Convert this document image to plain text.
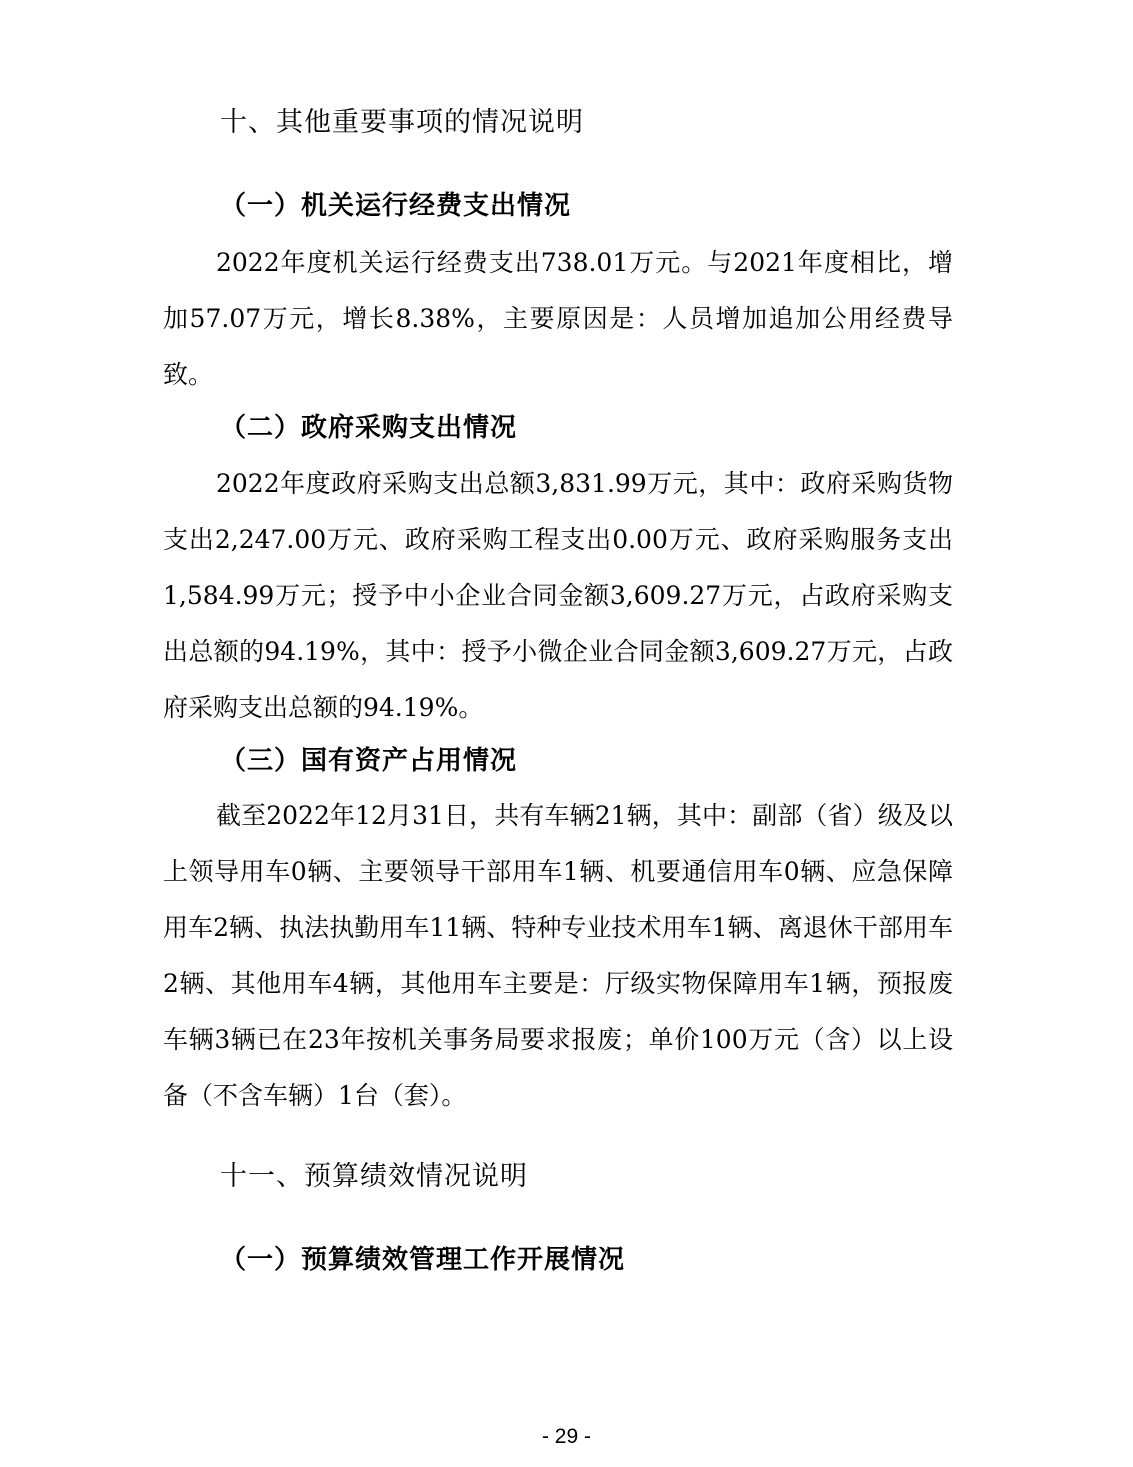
十、其他重要事项的情况说明
（一）机关运行经费支出情况

2022年度机关运行经费支出738.01万元。与2021年度相比，增加57.07万元，增长8.38%，主要原因是：人员增加追加公用经费导致。

（二）政府采购支出情况

2022年度政府采购支出总额3,831.99万元，其中：政府采购货物支出2,247.00万元、政府采购工程支出0.00万元、政府采购服务支出1,584.99万元；授予中小企业合同金额3,609.27万元，占政府采购支出总额的94.19%，其中：授予小微企业合同金额3,609.27万元，占政府采购支出总额的94.19%。

（三）国有资产占用情况

截至2022年12月31日，共有车辆21辆，其中：副部（省）级及以上领导用车0辆、主要领导干部用车1辆、机要通信用车0辆、应急保障用车2辆、执法执勤用车11辆、特种专业技术用车1辆、离退休干部用车2辆、其他用车4辆，其他用车主要是：厅级实物保障用车1辆，预报废车辆3辆已在23年按机关事务局要求报废；单价100万元（含）以上设备（不含车辆）1台（套）。

十一、预算绩效情况说明
（一）预算绩效管理工作开展情况
- 29 -
